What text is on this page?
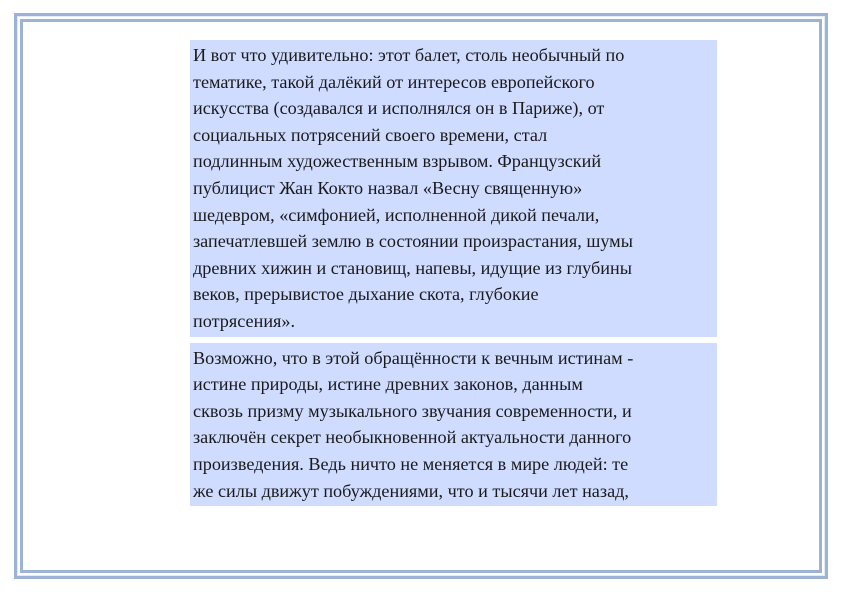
И вот что удивительно: этот балет, столь необычный по
тематике, такой далёкий от интересов европейского
искусства (создавался и исполнялся он в Париже), от
социальных потрясений своего времени, стал
подлинным художественным взрывом. Французский
публицист Жан Кокто назвал «Весну священную»
шедевром, «симфонией, исполненной дикой печали,
запечатлевшей землю в состоянии произрастания, шумы
древних хижин и становищ, напевы, идущие из глубины
веков, прерывистое дыхание скота, глубокие
потрясения».

Возможно, что в этой обращённости к вечным истинам -
истине природы, истине древних законов, данным
сквозь призму музыкального звучания современности, и
заключён секрет необыкновенной актуальности данного
произведения. Ведь ничто не меняется в мире людей: те
же силы движут побуждениями, что и тысячи лет назад,
